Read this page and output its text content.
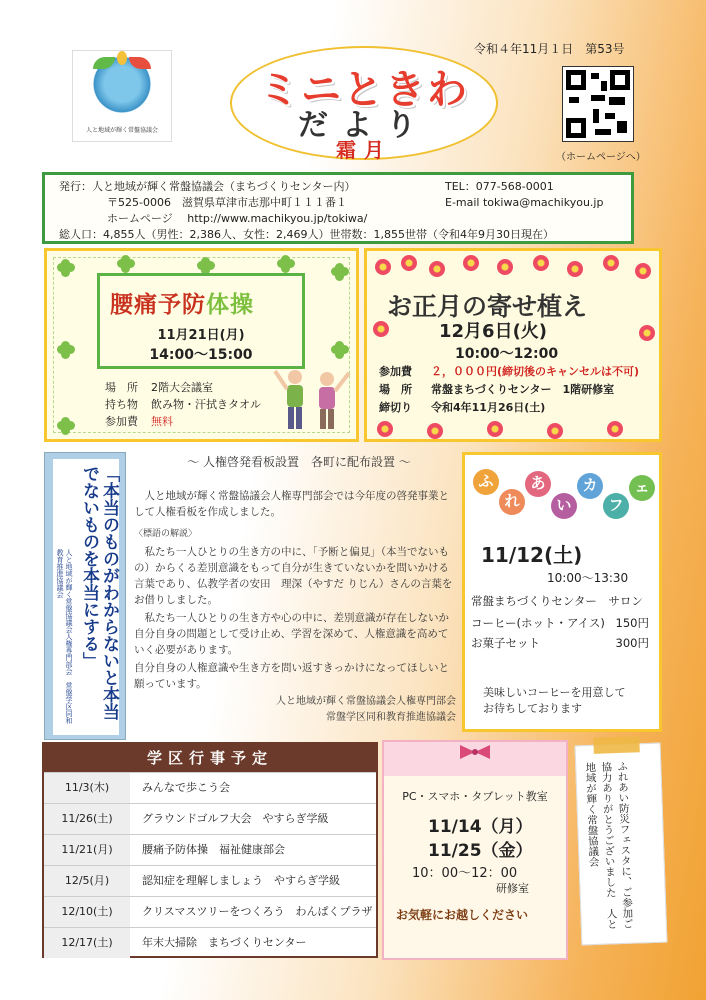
人と地域が輝く常盤協議会
ミニときわ
だより
霜月
令和４年11月１日　第53号
（ホームページへ）
発行：人と地域が輝く常盤協議会（まちづくりセンター内）	TEL：077-568-0001
〒525-0006　滋賀県草津市志那中町１１１番１	E-mail tokiwa@machikyou.jp
ホームページ　 http://www.machikyou.jp/tokiwa/
総人口：4,855人（男性：2,386人、女性：2,469人）世帯数：1,855世帯（令和4年9月30日現在）
腰痛予防体操
11月21日(月)
14:00〜15:00
場　所 2階大会議室
持ち物 飲み物・汗拭きタオル
参加費 無料
お正月の寄せ植え
12月6日(火)
10:00〜12:00
参加費 ２，０００円(締切後のキャンセルは不可)
場　所 常盤まちづくりセンター　1階研修室
締切り 令和4年11月26日(土)
「本当のものがわからないと本当でないものを本当にする」
人と地域が輝く常盤協議会人権専門部会　常盤学区同和教育推進協議会
〜 人権啓発看板設置　各町に配布設置 〜

　人と地域が輝く常盤協議会人権専門部会では今年度の啓発事業として人権看板を作成しました。

〈標語の解説〉

　私たち一人ひとりの生き方の中に、「予断と偏見」（本当でないもの）からくる差別意識をもって自分が生きていないかを問いかける言葉であり、仏教学者の安田　理深（やすだ りじん）さんの言葉をお借りしました。

　私たち一人ひとりの生き方や心の中に、差別意識が存在しないか自分自身の問題として受け止め、学習を深めて、人権意識を高めていく必要があります。

自分自身の人権意識や生き方を問い返すきっかけになってほしいと願っています。

人と地域が輝く常盤協議会人権専門部会

常盤学区同和教育推進協議会

ふ
れ
あ
い
カ
フ
ェ
11/12(土)
10:00〜13:30
常盤まちづくりセンター　サロン
コーヒー(ホット・アイス) 150円
お菓子セット	300円
美味しいコーヒーを用意して
お待ちしております
学区行事予定
11/3(木)	みんなで歩こう会
11/26(土)	グラウンドゴルフ大会　やすらぎ学級
11/21(月)	腰痛予防体操　福祉健康部会
12/5(月)	認知症を理解しましょう　やすらぎ学級
12/10(土)	クリスマスツリーをつくろう　わんぱくプラザ
12/17(土)	年末大掃除　まちづくりセンター
PC・スマホ・タブレット教室
11/14（月）
11/25（金）
10：00〜12：00
研修室
お気軽にお越しください	ふれあい防災フェスタに、ご参加ご協力ありがとうございました　人と地域が輝く常盤協議会
